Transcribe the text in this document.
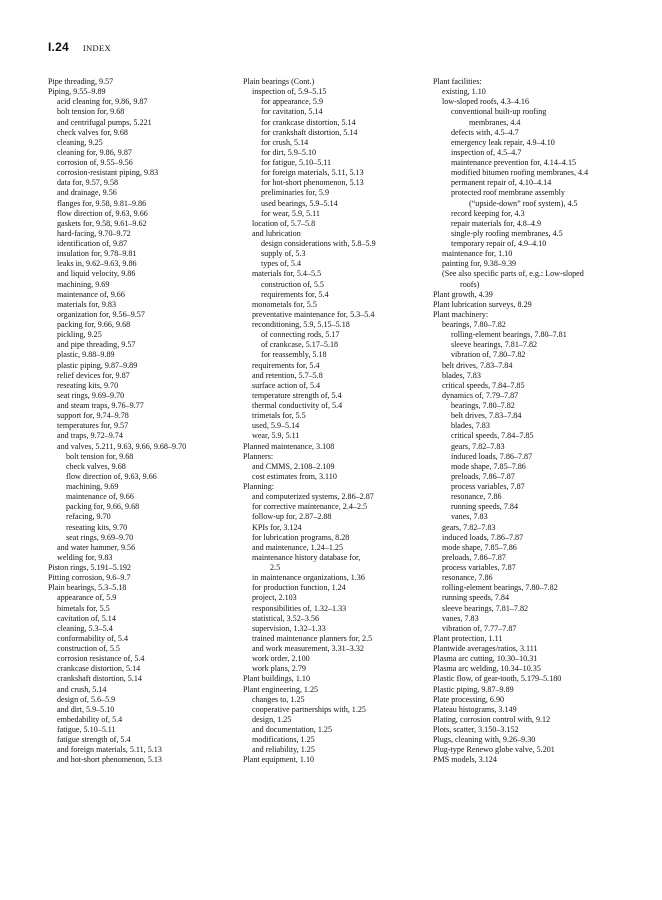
I.24 INDEX
Pipe threading, 9.57
Piping, 9.55–9.89
acid cleaning for, 9.86, 9.87
bolt tension for, 9.68
and centrifugal pumps, 5.221
check valves for, 9.68
cleaning, 9.25
cleaning for, 9.86, 9.87
corrosion of, 9.55–9.56
corrosion-resistant piping, 9.83
data for, 9.57, 9.58
and drainage, 9.56
flanges for, 9.58, 9.81–9.86
flow direction of, 9.63, 9.66
gaskets for, 9.58, 9.61–9.62
hard-facing, 9.70–9.72
identification of, 9.87
insulation for, 9.78–9.81
leaks in, 9.62–9.63, 9.86
and liquid velocity, 9.86
machining, 9.69
maintenance of, 9.66
materials for, 9.83
organization for, 9.56–9.57
packing for, 9.66, 9.68
pickling, 9.25
and pipe threading, 9.57
plastic, 9.88–9.89
plastic piping, 9.87–9.89
relief devices for, 9.87
reseating kits, 9.70
seat rings, 9.69–9.70
and steam traps, 9.76–9.77
support for, 9.74–9.78
temperatures for, 9.57
and traps, 9.72–9.74
and valves, 5.211, 9.63, 9.66, 9.68–9.70
bolt tension for, 9.68
check valves, 9.68
flow direction of, 9.63, 9.66
machining, 9.69
maintenance of, 9.66
packing for, 9.66, 9.68
refacing, 9.70
reseating kits, 9.70
seat rings, 9.69–9.70
and water hammer, 9.56
welding for, 9.83
Piston rings, 5.191–5.192
Pitting corrosion, 9.6–9.7
Plain bearings, 5.3–5.18
appearance of, 5.9
bimetals for, 5.5
cavitation of, 5.14
cleaning, 5.3–5.4
conformability of, 5.4
construction of, 5.5
corrosion resistance of, 5.4
crankcase distortion, 5.14
crankshaft distortion, 5.14
and crush, 5.14
design of, 5.6–5.9
and dirt, 5.9–5.10
embedability of, 5.4
fatigue, 5.10–5.11
fatigue strength of, 5.4
and foreign materials, 5.11, 5.13
and hot-short phenomenon, 5.13
Plain bearings (Cont.)
inspection of, 5.9–5.15
for appearance, 5.9
for cavitation, 5.14
for crankcase distortion, 5.14
for crankshaft distortion, 5.14
for crush, 5.14
for dirt, 5.9–5.10
for fatigue, 5.10–5.11
for foreign materials, 5.11, 5.13
for hot-short phenomenon, 5.13
preliminaries for, 5.9
used bearings, 5.9–5.14
for wear, 5.9, 5.11
location of, 5.7–5.8
and lubrication
design considerations with, 5.8–5.9
supply of, 5.3
types of, 5.4
materials for, 5.4–5.5
construction of, 5.5
requirements for, 5.4
monometals for, 5.5
preventative maintenance for, 5.3–5.4
reconditioning, 5.9, 5.15–5.18
of connecting rods, 5.17
of crankcase, 5.17–5.18
for reassembly, 5.18
requirements for, 5.4
and retention, 5.7–5.8
surface action of, 5.4
temperature strength of, 5.4
thermal conductivity of, 5.4
trimetals for, 5.5
used, 5.9–5.14
wear, 5.9, 5.11
Planned maintenance, 3.108
Planners:
and CMMS, 2.108–2.109
cost estimates from, 3.110
Planning:
and computerized systems, 2.86–2.87
for corrective maintenance, 2.4–2.5
follow-up for, 2.87–2.88
KPIs for, 3.124
for lubrication programs, 8.28
and maintenance, 1.24–1.25
maintenance history database for,
2.5
in maintenance organizations, 1.36
for production function, 1.24
project, 2.103
responsibilities of, 1.32–1.33
statistical, 3.52–3.56
supervision, 1.32–1.33
trained maintenance planners for, 2.5
and work measurement, 3.31–3.32
work order, 2.100
work plans, 2.79
Plant buildings, 1.10
Plant engineering, 1.25
changes to, 1.25
cooperative partnerships with, 1.25
design, 1.25
and documentation, 1.25
modifications, 1.25
and reliability, 1.25
Plant equipment, 1.10
Plant facilities:
existing, 1.10
low-sloped roofs, 4.3–4.16
conventional built-up roofing
membranes, 4.4
defects with, 4.5–4.7
emergency leak repair, 4.9–4.10
inspection of, 4.5–4.7
maintenance prevention for, 4.14–4.15
modified bitumen roofing membranes, 4.4
permanent repair of, 4.10–4.14
protected roof membrane assembly
(“upside-down” roof system), 4.5
record keeping for, 4.3
repair materials for, 4.8–4.9
single-ply roofing membranes, 4.5
temporary repair of, 4.9–4.10
maintenance for, 1.10
painting for, 9.38–9.39
(See also specific parts of, e.g.: Low-sloped
roofs)
Plant growth, 4.39
Plant lubrication surveys, 8.29
Plant machinery:
bearings, 7.80–7.82
rolling-element bearings, 7.80–7.81
sleeve bearings, 7.81–7.82
vibration of, 7.80–7.82
belt drives, 7.83–7.84
blades, 7.83
critical speeds, 7.84–7.85
dynamics of, 7.79–7.87
bearings, 7.80–7.82
belt drives, 7.83–7.84
blades, 7.83
critical speeds, 7.84–7.85
gears, 7.82–7.83
induced loads, 7.86–7.87
mode shape, 7.85–7.86
preloads, 7.86–7.87
process variables, 7.87
resonance, 7.86
running speeds, 7.84
vanes, 7.83
gears, 7.82–7.83
induced loads, 7.86–7.87
mode shape, 7.85–7.86
preloads, 7.86–7.87
process variables, 7.87
resonance, 7.86
rolling-element bearings, 7.80–7.82
running speeds, 7.84
sleeve bearings, 7.81–7.82
vanes, 7.83
vibration of, 7.77–7.87
Plant protection, 1.11
Plantwide averages/ratios, 3.111
Plasma arc cutting, 10.30–10.31
Plasma arc welding, 10.34–10.35
Plastic flow, of gear-tooth, 5.179–5.180
Plastic piping, 9.87–9.89
Plate processing, 6.90
Plateau histograms, 3.149
Plating, corrosion control with, 9.12
Plots, scatter, 3.150–3.152
Plugs, cleaning with, 9.26–9.30
Plug-type Renewo globe valve, 5.201
PMS models, 3.124
